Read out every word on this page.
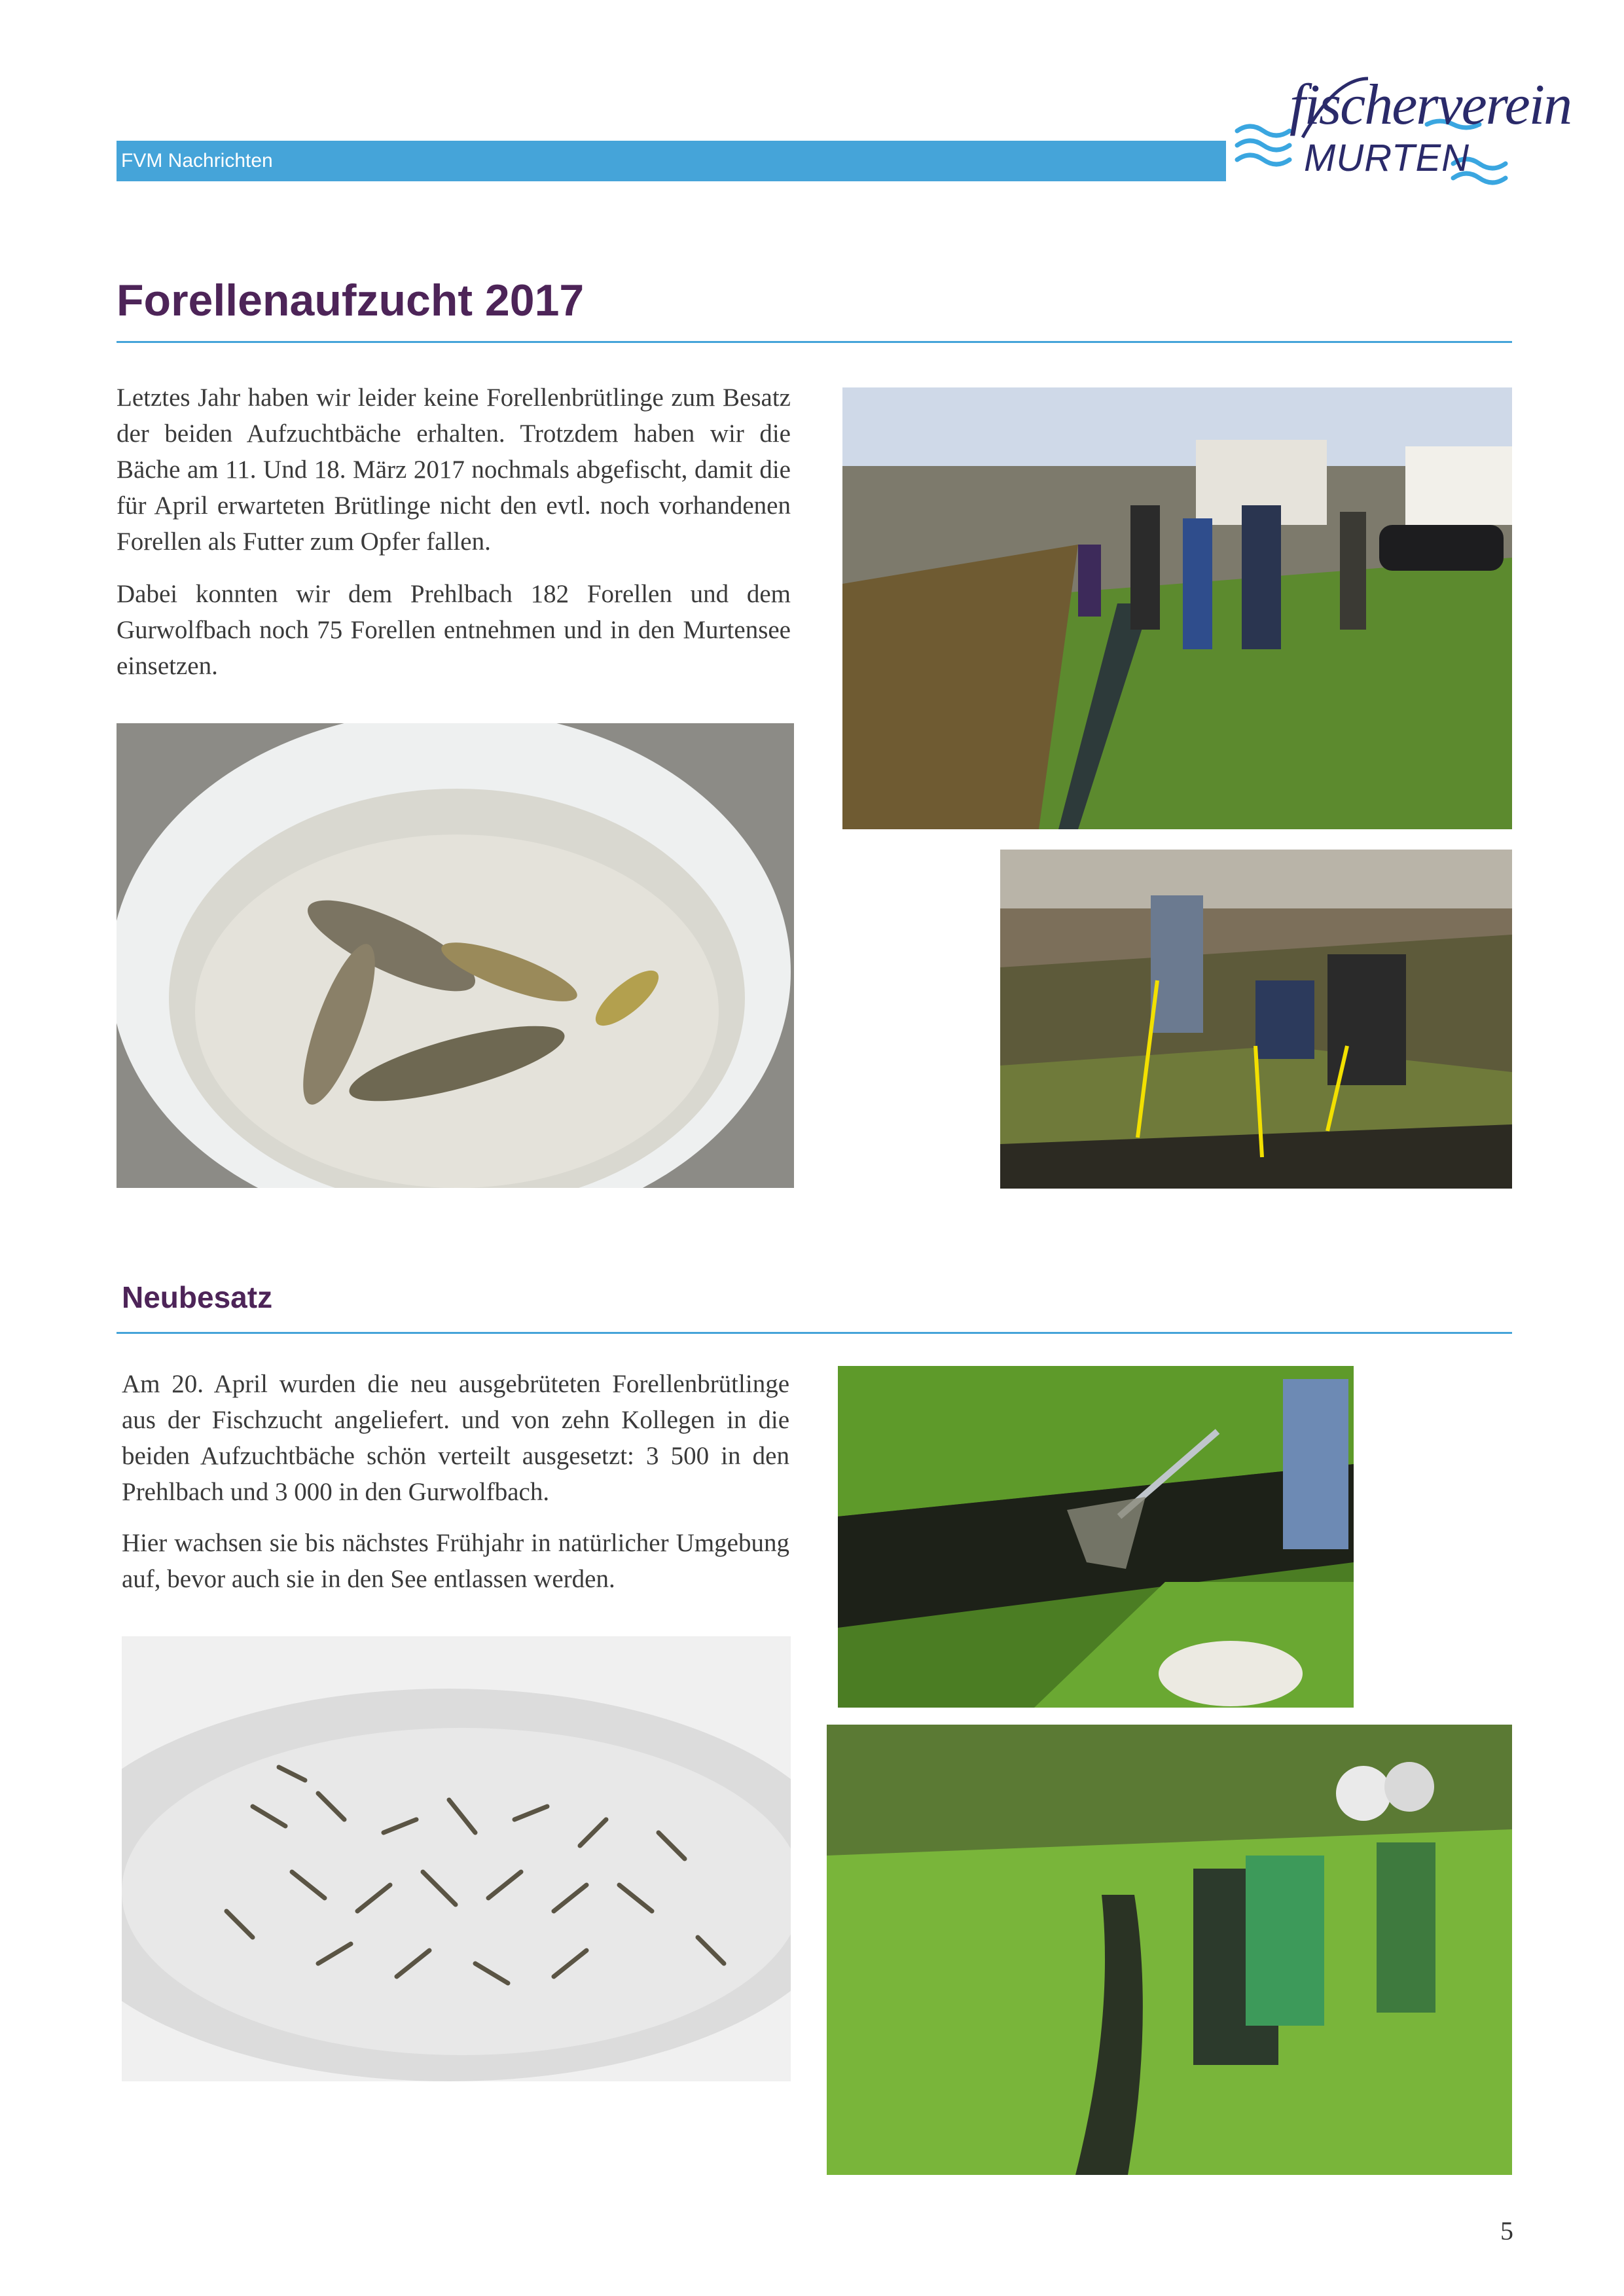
FVM Nachrichten
fischerverein
MURTEN
Forellenaufzucht 2017

Letztes Jahr haben wir leider keine Forellenbrütlinge zum Besatz der beiden Aufzuchtbäche erhalten. Trotzdem haben wir die Bäche am 11. Und 18. März 2017 nochmals abgefischt, damit die für April erwarteten Brütlinge nicht den evtl. noch vorhandenen Forellen als Futter zum Opfer fallen.

Dabei konnten wir dem Prehlbach 182 Forellen und dem Gurwolfbach noch 75 Forellen entnehmen und in den Murtensee einsetzen.

Neubesatz

Am 20. April wurden die neu ausgebrüteten Forellenbrütlinge aus der Fischzucht angeliefert. und von zehn Kollegen in die beiden Aufzuchtbäche schön verteilt ausgesetzt: 3 500 in den Prehlbach und 3 000 in den Gurwolfbach.

Hier wachsen sie bis nächstes Frühjahr in natürlicher Umgebung auf, bevor auch sie in den See entlassen werden.

5
